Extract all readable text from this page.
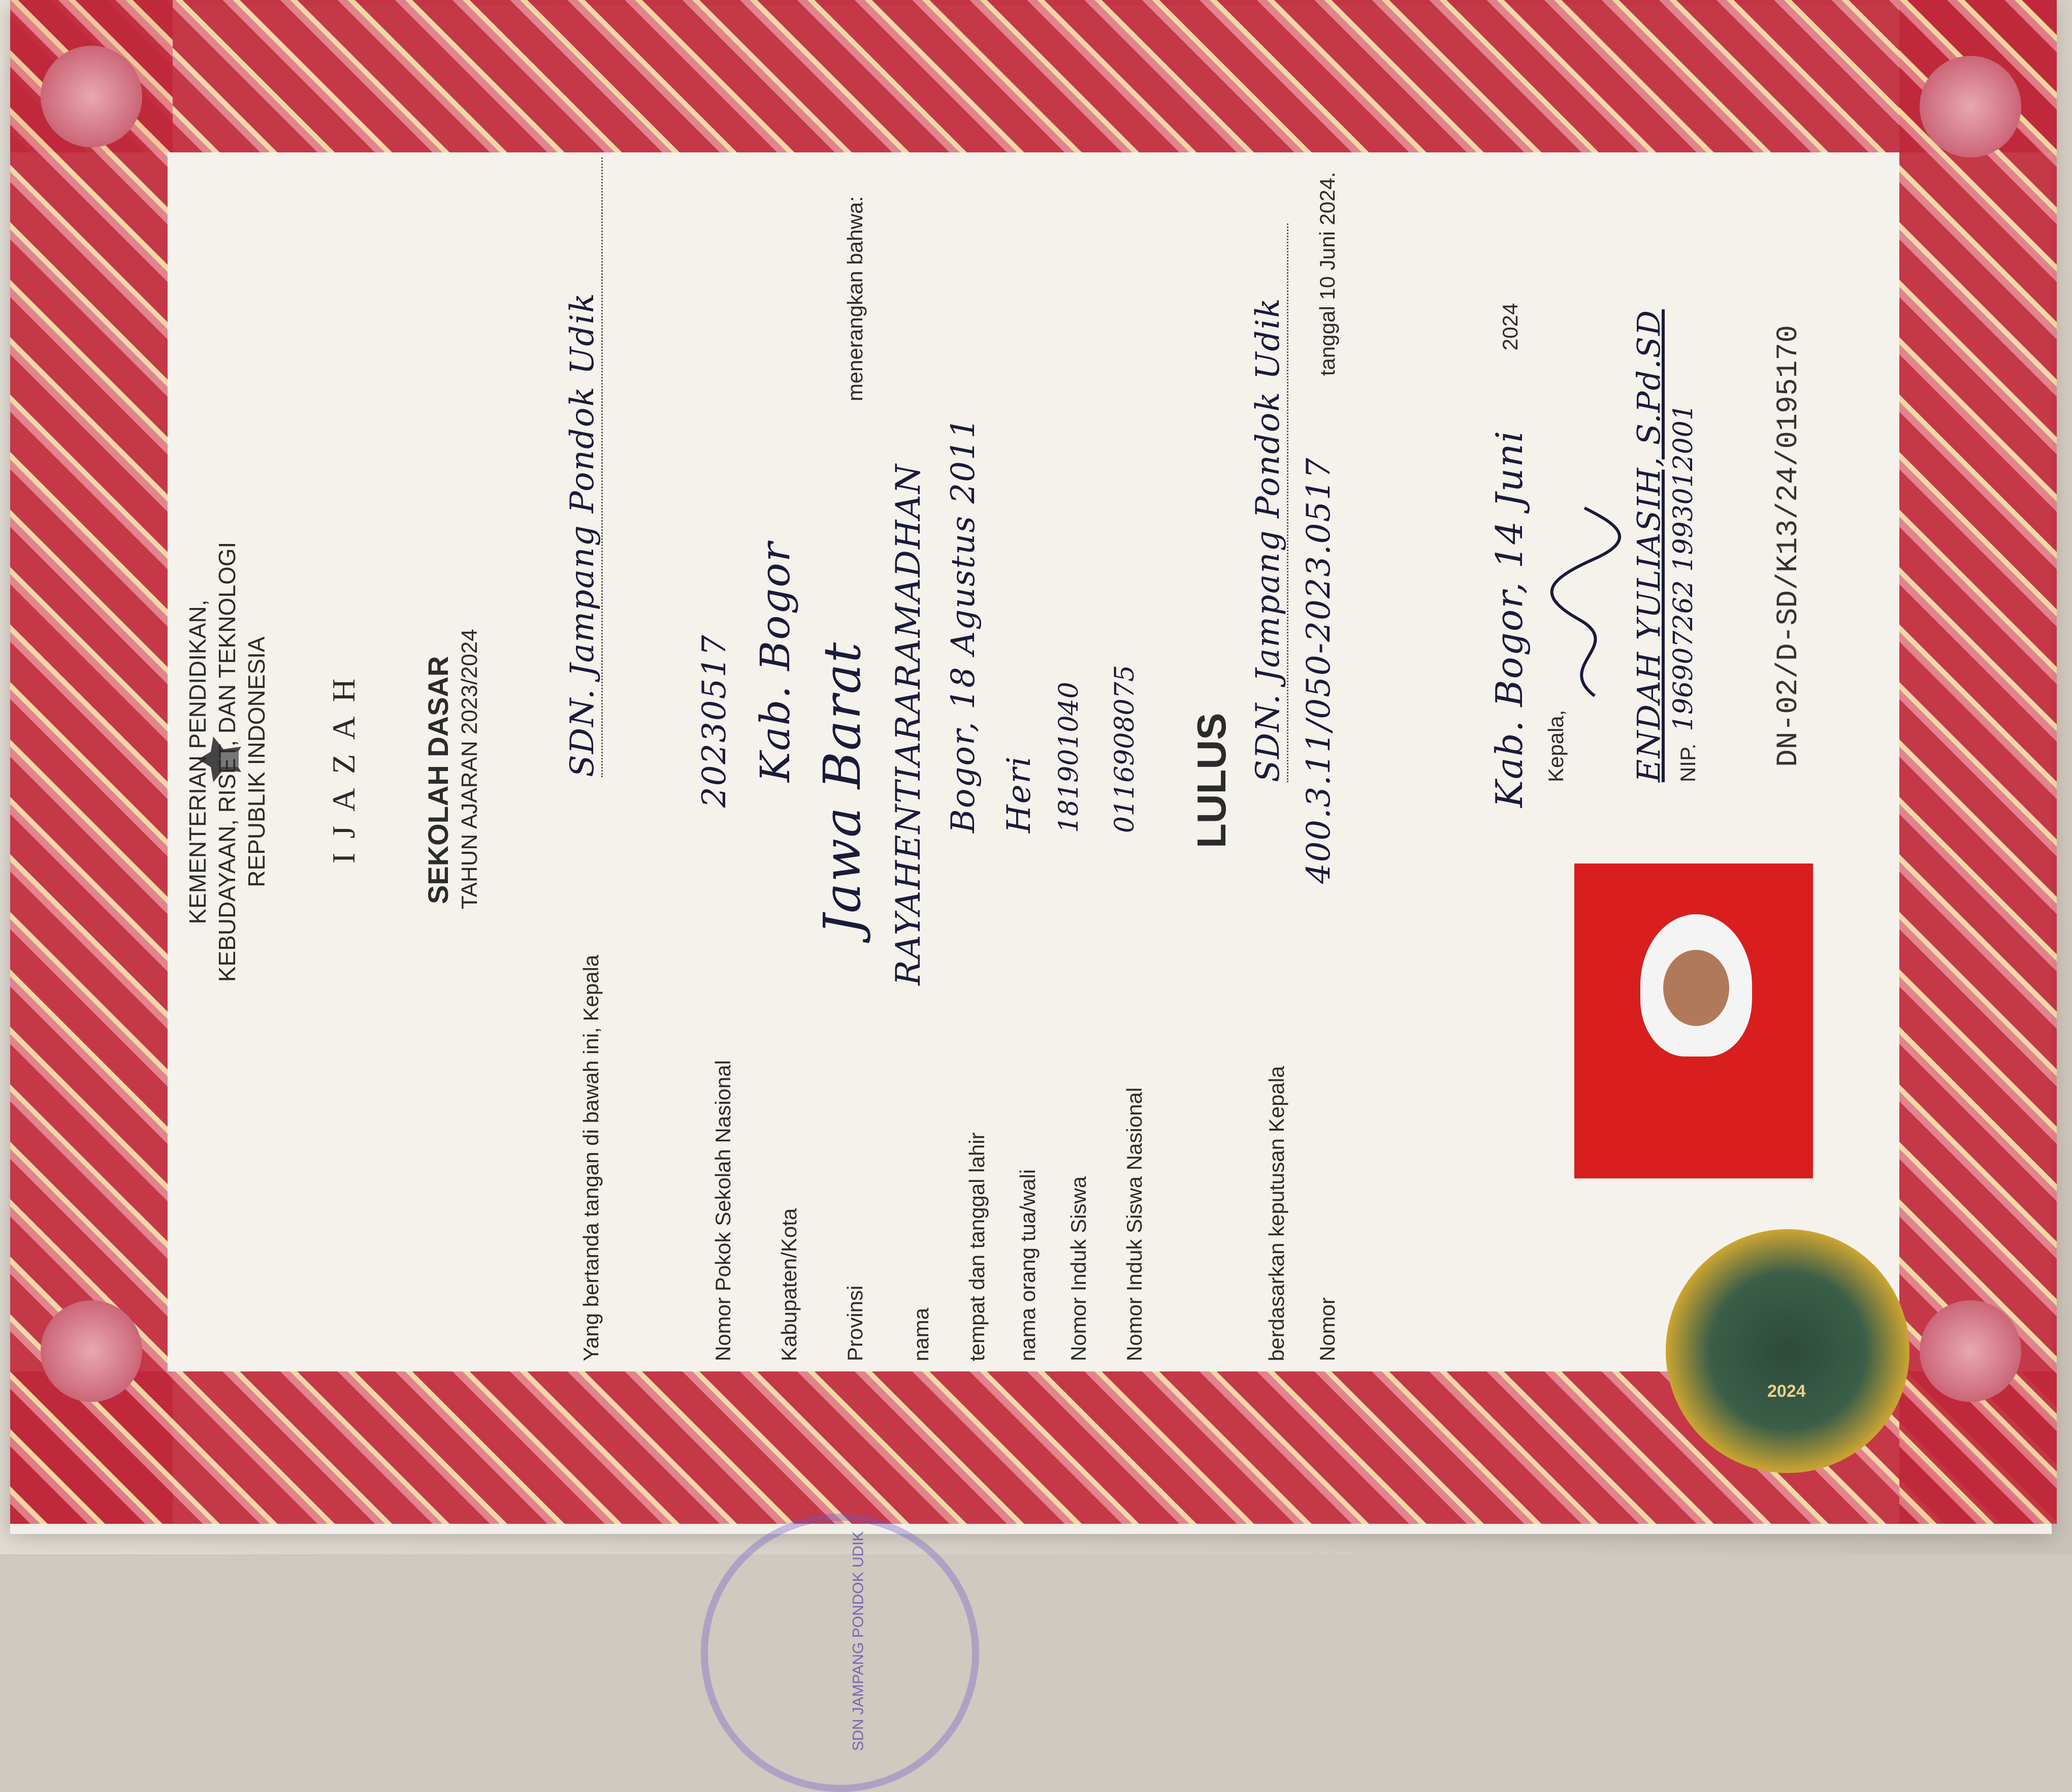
KEMENTERIAN PENDIDIKAN, KEBUDAYAAN, RISET, DAN TEKNOLOGI REPUBLIK INDONESIA IJAZAH SEKOLAH DASAR TAHUN AJARAN 2023/2024
Yang bertanda tangan di bawah ini, Kepala
SDN. Jampang Pondok Udik
Nomor Pokok Sekolah Nasional
20230517
Kabupaten/Kota
Kab. Bogor
Provinsi
Jawa Barat
menerangkan bahwa:
nama
RAYAHENTIARARAMADHAN
tempat dan tanggal lahir
Bogor, 18 Agustus 2011
nama orang tua/wali
Heri
Nomor Induk Siswa
181901040
Nomor Induk Siswa Nasional
0116908075 LULUS
berdasarkan keputusan Kepala
SDN. Jampang Pondok Udik
Nomor
400.3.11/050-2023.0517
tanggal 10 Juni 2024.
Kab. Bogor, 14 Juni
2024
Kepala, ENDAH YULIASIH, S.Pd.SD NIP.
196907262 1993012001	DN-02/D-SD/K13/24/0195170
SDN JAMPANG PONDOK UDIK
2024
